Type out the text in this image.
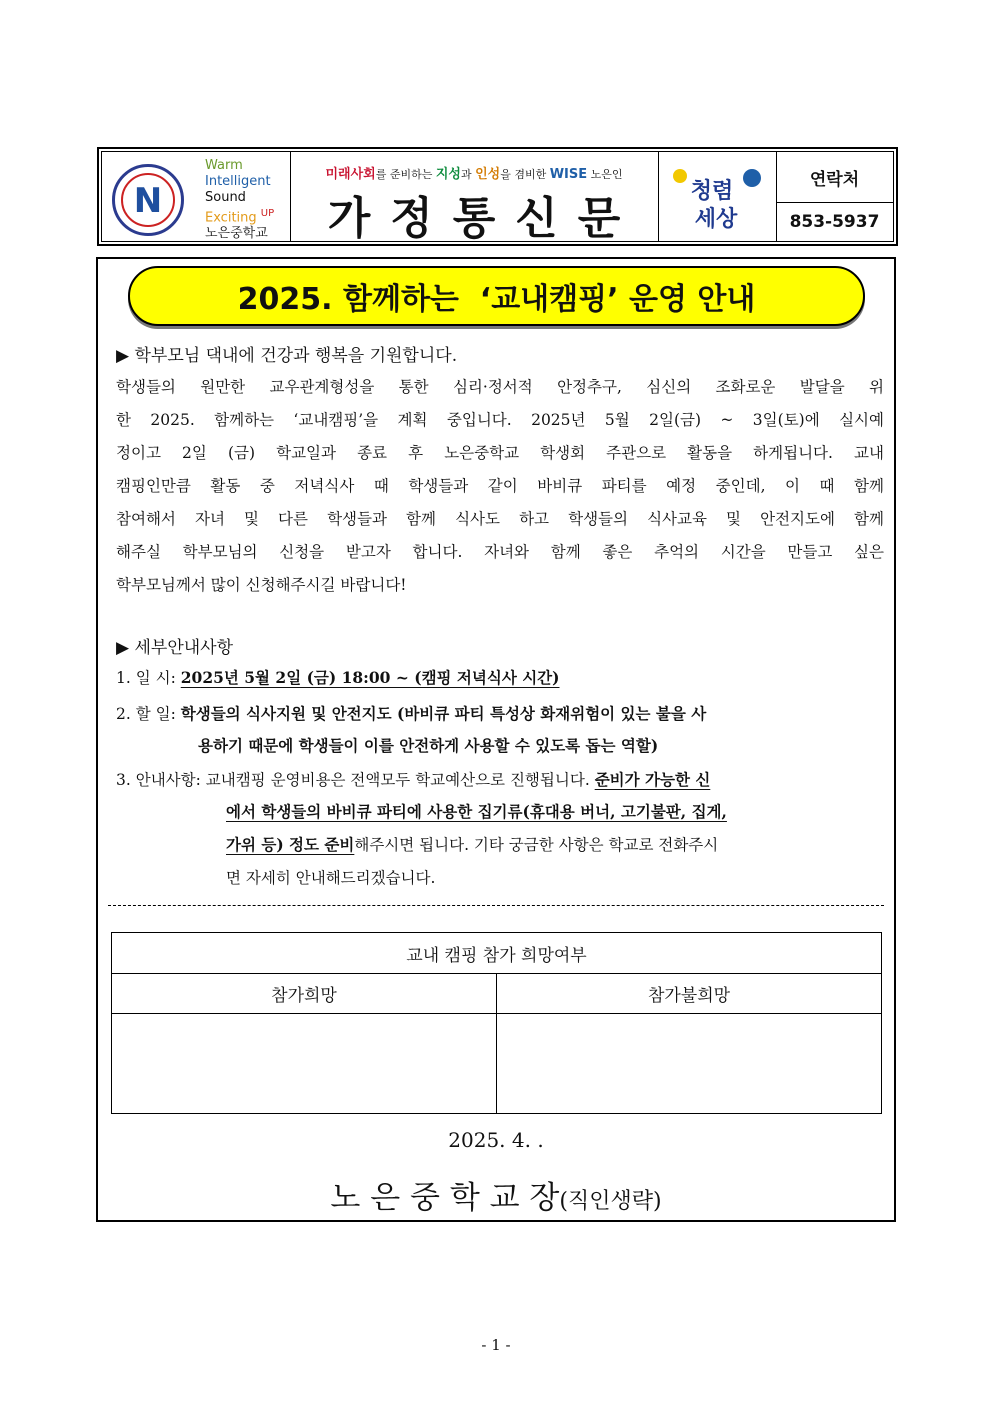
N
Warm
Intelligent
Sound
Exciting $^{UP}$
노은중학교
미래사회를 준비하는 지성과 인성을 겸비한 WISE 노은인
가정통신문
청렴
세상
연락처
853-5937
2025. 함께하는  ‘교내캠핑’ 운영 안내
▶ 학부모님 댁내에 건강과 행복을 기원합니다.
학생들의 원만한 교우관계형성을 통한 심리·정서적 안정추구, 심신의 조화로운 발달을 위
한 2025. 함께하는 ‘교내캠핑’을 계획 중입니다. 2025년 5월 2일(금) ~ 3일(토)에 실시예
정이고 2일 (금) 학교일과 종료 후 노은중학교 학생회 주관으로 활동을 하게됩니다. 교내
캠핑인만큼 활동 중 저녁식사 때 학생들과 같이 바비큐 파티를 예정 중인데, 이 때 함께
참여해서 자녀 및 다른 학생들과 함께 식사도 하고 학생들의 식사교육 및 안전지도에 함께
해주실 학부모님의 신청을 받고자 합니다. 자녀와 함께 좋은 추억의 시간을 만들고 싶은
학부모님께서 많이 신청해주시길 바랍니다!
▶ 세부안내사항
1. 일 시: 2025년 5월 2일 (금) 18:00 ~ (캠핑 저녁식사 시간)
2. 할 일: 학생들의 식사지원 및 안전지도 (바비큐 파티 특성상 화재위험이 있는 불을 사
용하기 때문에 학생들이 이를 안전하게 사용할 수 있도록 돕는 역할)
3. 안내사항: 교내캠핑 운영비용은 전액모두 학교예산으로 진행됩니다. 준비가 가능한 신
에서 학생들의 바비큐 파티에 사용한 집기류(휴대용 버너, 고기불판, 집게,
가위 등) 정도 준비해주시면 됩니다. 기타 궁금한 사항은 학교로 전화주시
면 자세히 안내해드리겠습니다.
교내 캠핑 참가 희망여부
참가희망	참가불희망
2025. 4. .
노 은 중 학 교 장(직인생략)
- 1 -
